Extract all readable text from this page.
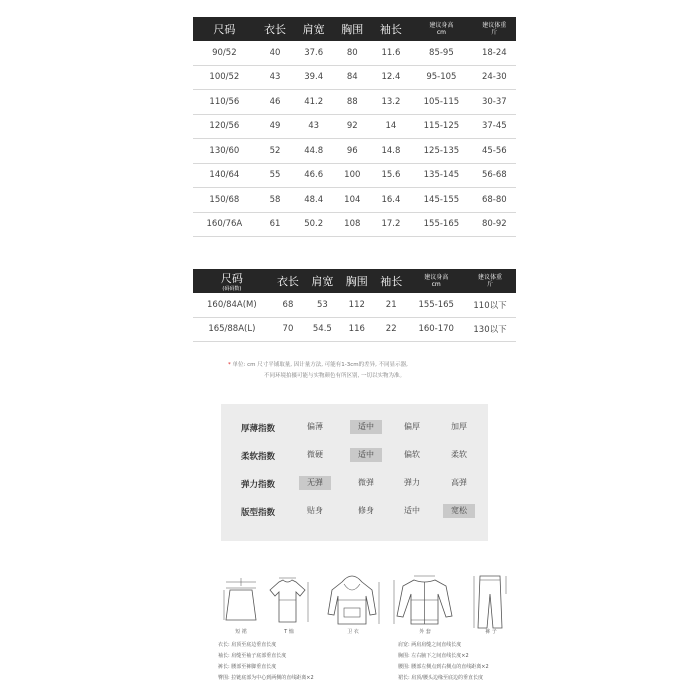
尺码	衣长	肩宽	胸围	袖长	建议身高
cm	建议体重
斤
90/52	40	37.6	80	11.6	85-95	18-24
100/52	43	39.4	84	12.4	95-105	24-30
110/56	46	41.2	88	13.2	105-115	30-37
120/56	49	43	92	14	115-125	37-45
130/60	52	44.8	96	14.8	125-135	45-56
140/64	55	46.6	100	15.6	135-145	56-68
150/68	58	48.4	104	16.4	145-155	68-80
160/76A	61	50.2	108	17.2	155-165	80-92
尺码
(码码数)	衣长	肩宽	胸围	袖长	建议身高
cm	建议体重
斤
160/84A(M)	68	53	112	21	155-165	110以下
165/88A(L)	70	54.5	116	22	160-170	130以下
* 单位: cm 尺寸平铺取量, 因计量方法, 可能有1-3cm的差异, 不同显示器,
不同环境拍摄可能与实物颜色有所区别, 一切以实物为准。
厚薄指数	偏薄	适中	偏厚	加厚
柔软指数	微硬	适中	偏软	柔软
弹力指数	无弹	微弹	弹力	高弹
版型指数	贴身	修身	适中	宽松
短 裙	T 恤	卫 衣	外 套	裤 子
衣长: 肩顶至底边垂直长度
袖长: 肩缝至袖子底部垂直长度
裤长: 腰部至裤脚垂直长度
臀围: 拉链底部为中心到两侧的直线距离×2
肩宽: 两肩肩缝之间直线长度
胸围: 左右腋下之间直线长度×2
腰围: 腰部左侧点到右侧点的直线距离×2
裙长: 肩顶/腰头边缘至底边的垂直长度
